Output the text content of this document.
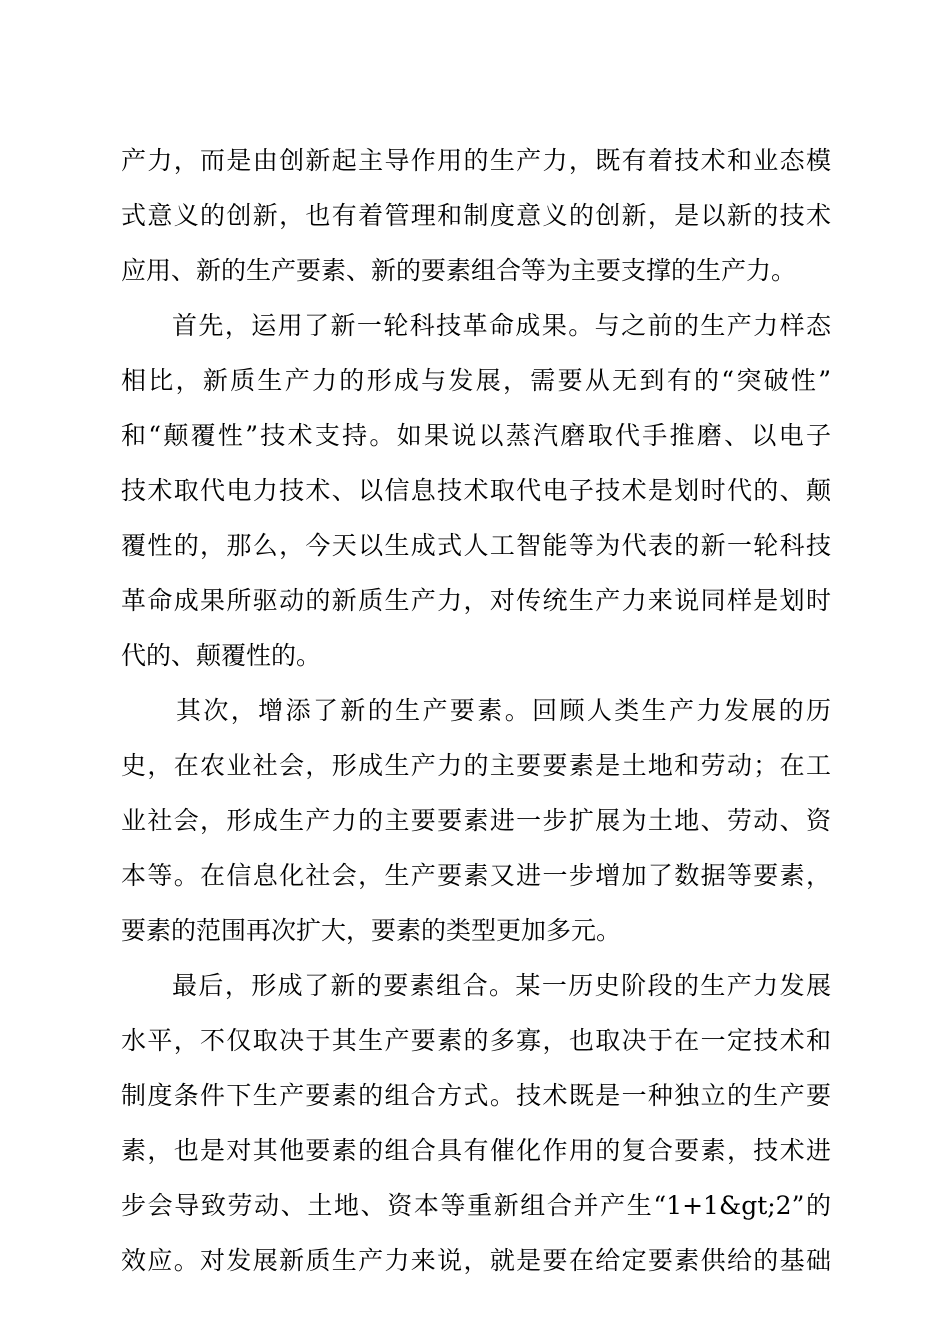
产力，而是由创新起主导作用的生产力，既有着技术和业态模
式意义的创新，也有着管理和制度意义的创新，是以新的技术
应用、新的生产要素、新的要素组合等为主要支撑的生产力。
首先，运用了新一轮科技革命成果。与之前的生产力样态
相比，新质生产力的形成与发展，需要从无到有的“突破性”
和“颠覆性”技术支持。如果说以蒸汽磨取代手推磨、以电子
技术取代电力技术、以信息技术取代电子技术是划时代的、颠
覆性的，那么，今天以生成式人工智能等为代表的新一轮科技
革命成果所驱动的新质生产力，对传统生产力来说同样是划时
代的、颠覆性的。
其次，增添了新的生产要素。回顾人类生产力发展的历
史，在农业社会，形成生产力的主要要素是土地和劳动；在工
业社会，形成生产力的主要要素进一步扩展为土地、劳动、资
本等。在信息化社会，生产要素又进一步增加了数据等要素，
要素的范围再次扩大，要素的类型更加多元。
最后，形成了新的要素组合。某一历史阶段的生产力发展
水平，不仅取决于其生产要素的多寡，也取决于在一定技术和
制度条件下生产要素的组合方式。技术既是一种独立的生产要
素，也是对其他要素的组合具有催化作用的复合要素，技术进
步会导致劳动、土地、资本等重新组合并产生“1+1&gt;2”的
效应。对发展新质生产力来说，就是要在给定要素供给的基础
